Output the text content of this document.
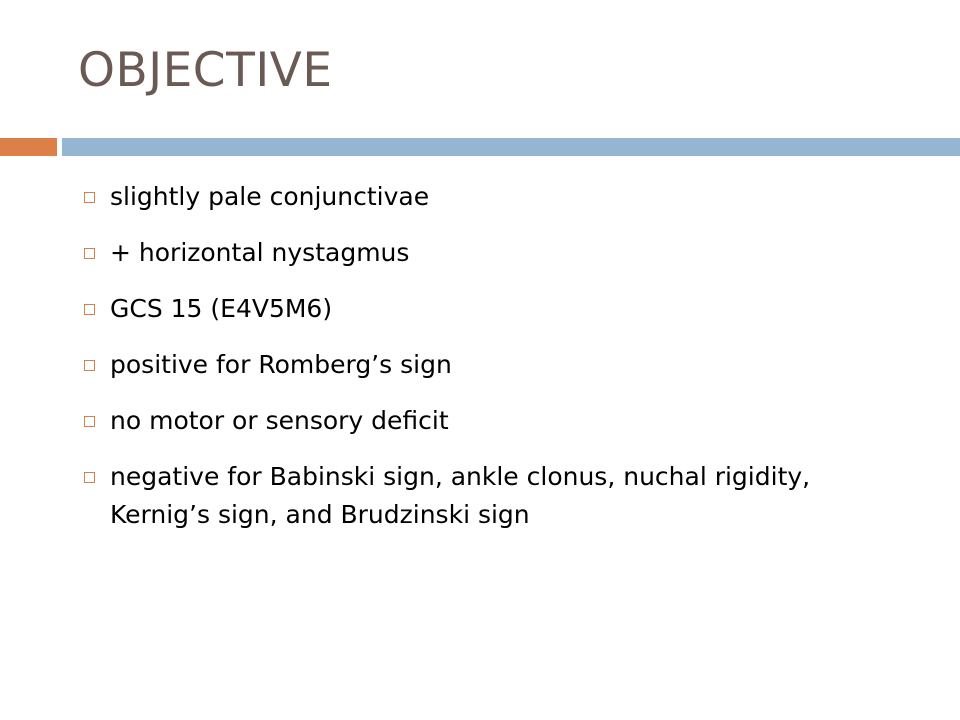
OBJECTIVE
slightly pale conjunctivae
+ horizontal nystagmus
GCS 15 (E4V5M6)
positive for Romberg’s sign
no motor or sensory deficit
negative for Babinski sign, ankle clonus, nuchal rigidity, Kernig’s sign, and Brudzinski sign
